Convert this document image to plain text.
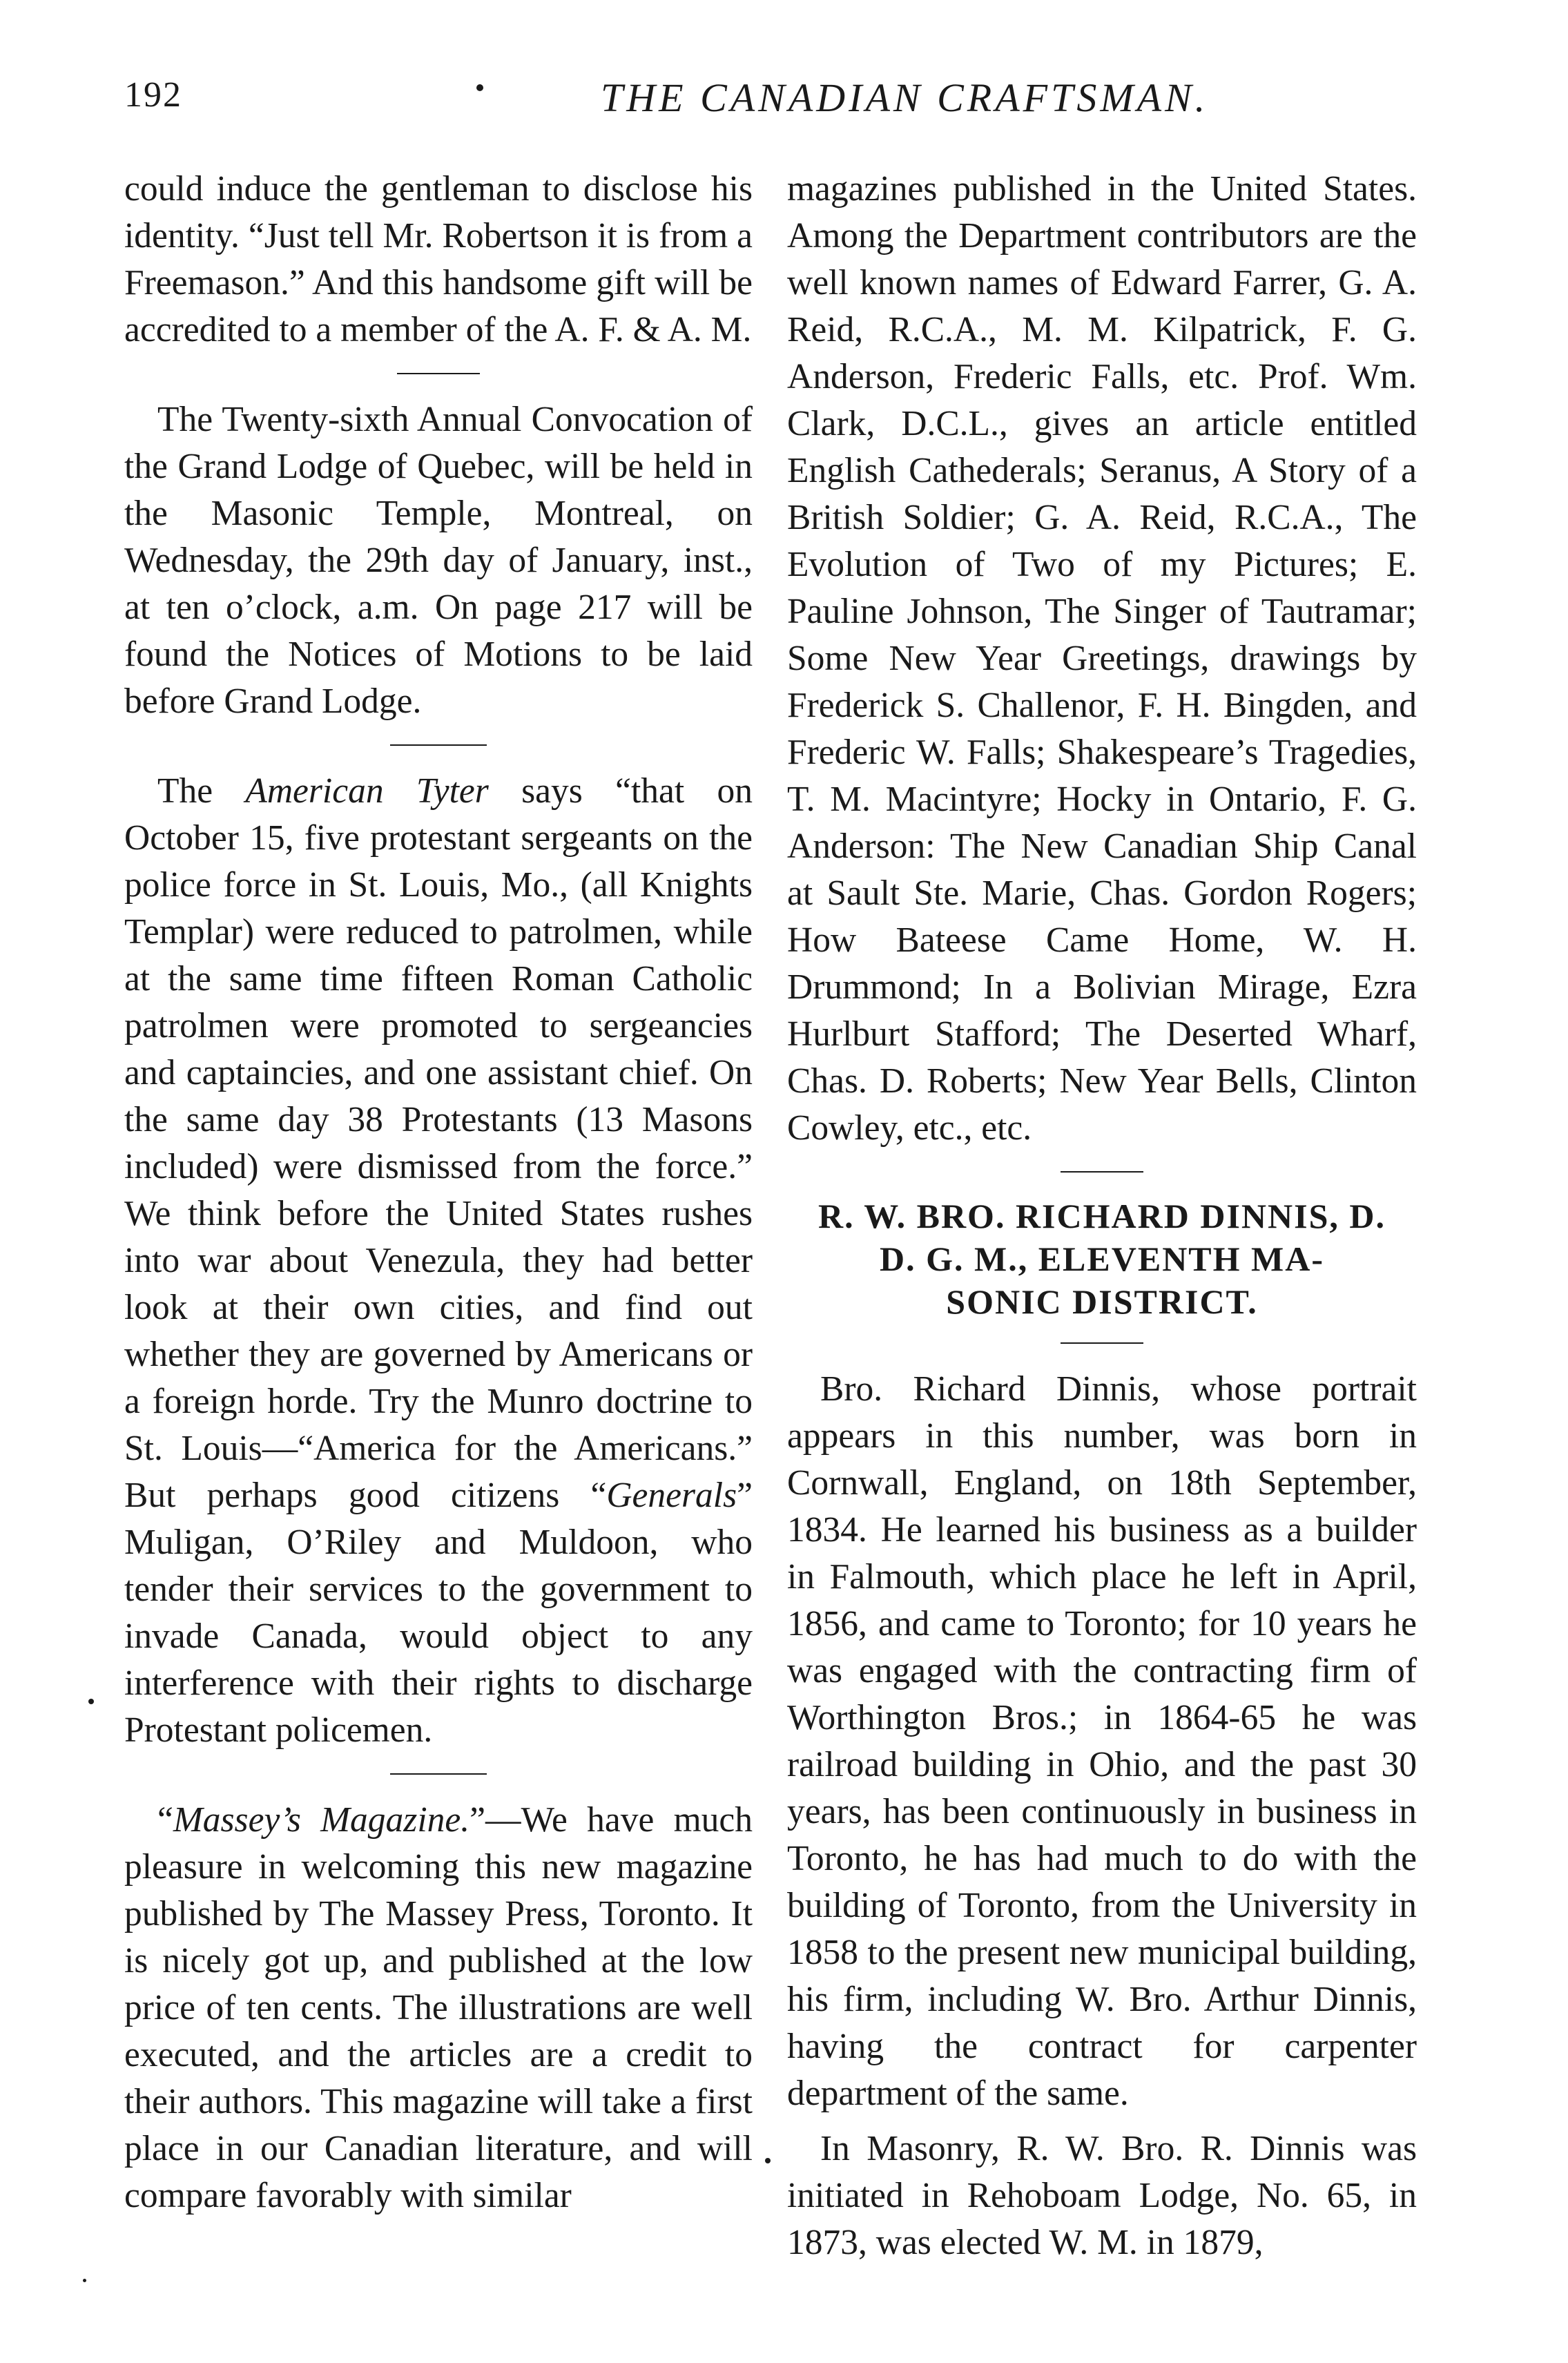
192	THE CANADIAN CRAFTSMAN.

could induce the gentleman to disclose his identity. “Just tell Mr. Robertson it is from a Freemason.” And this handsome gift will be accredited to a member of the A. F. & A. M.

The Twenty-sixth Annual Convocation of the Grand Lodge of Quebec, will be held in the Masonic Temple, Montreal, on Wednesday, the 29th day of January, inst., at ten o’clock, a.m. On page 217 will be found the Notices of Motions to be laid before Grand Lodge.

The American Tyter says “that on October 15, five protestant sergeants on the police force in St. Louis, Mo., (all Knights Templar) were reduced to patrolmen, while at the same time fifteen Roman Catholic patrolmen were promoted to sergeancies and captaincies, and one assistant chief. On the same day 38 Protestants (13 Masons included) were dismissed from the force.” We think before the United States rushes into war about Venezula, they had better look at their own cities, and find out whether they are governed by Americans or a foreign horde. Try the Munro doctrine to St. Louis—“America for the Americans.” But perhaps good citizens “Generals” Muligan, O’Riley and Muldoon, who tender their services to the government to invade Canada, would object to any interference with their rights to discharge Protestant policemen.

“Massey’s Magazine.”—We have much pleasure in welcoming this new magazine published by The Massey Press, Toronto. It is nicely got up, and published at the low price of ten cents. The illustrations are well executed, and the articles are a credit to their authors. This magazine will take a first place in our Canadian literature, and will compare favorably with similar

magazines published in the United States. Among the Department contributors are the well known names of Edward Farrer, G. A. Reid, R.C.A., M. M. Kilpatrick, F. G. Anderson, Frederic Falls, etc. Prof. Wm. Clark, D.C.L., gives an article entitled English Cathederals; Seranus, A Story of a British Soldier; G. A. Reid, R.C.A., The Evolution of Two of my Pictures; E. Pauline Johnson, The Singer of Tautramar; Some New Year Greetings, drawings by Frederick S. Challenor, F. H. Bingden, and Frederic W. Falls; Shakespeare’s Tragedies, T. M. Macintyre; Hocky in Ontario, F. G. Anderson: The New Canadian Ship Canal at Sault Ste. Marie, Chas. Gordon Rogers; How Bateese Came Home, W. H. Drummond; In a Bolivian Mirage, Ezra Hurlburt Stafford; The Deserted Wharf, Chas. D. Roberts; New Year Bells, Clinton Cowley, etc., etc.

R. W. BRO. RICHARD DINNIS, D.
D. G. M., ELEVENTH MA-
SONIC DISTRICT.

Bro. Richard Dinnis, whose portrait appears in this number, was born in Cornwall, England, on 18th September, 1834. He learned his business as a builder in Falmouth, which place he left in April, 1856, and came to Toronto; for 10 years he was engaged with the contracting firm of Worthington Bros.; in 1864-65 he was railroad building in Ohio, and the past 30 years, has been continuously in business in Toronto, he has had much to do with the building of Toronto, from the University in 1858 to the present new municipal building, his firm, including W. Bro. Arthur Dinnis, having the contract for carpenter department of the same.

In Masonry, R. W. Bro. R. Dinnis was initiated in Rehoboam Lodge, No. 65, in 1873, was elected W. M. in 1879,
